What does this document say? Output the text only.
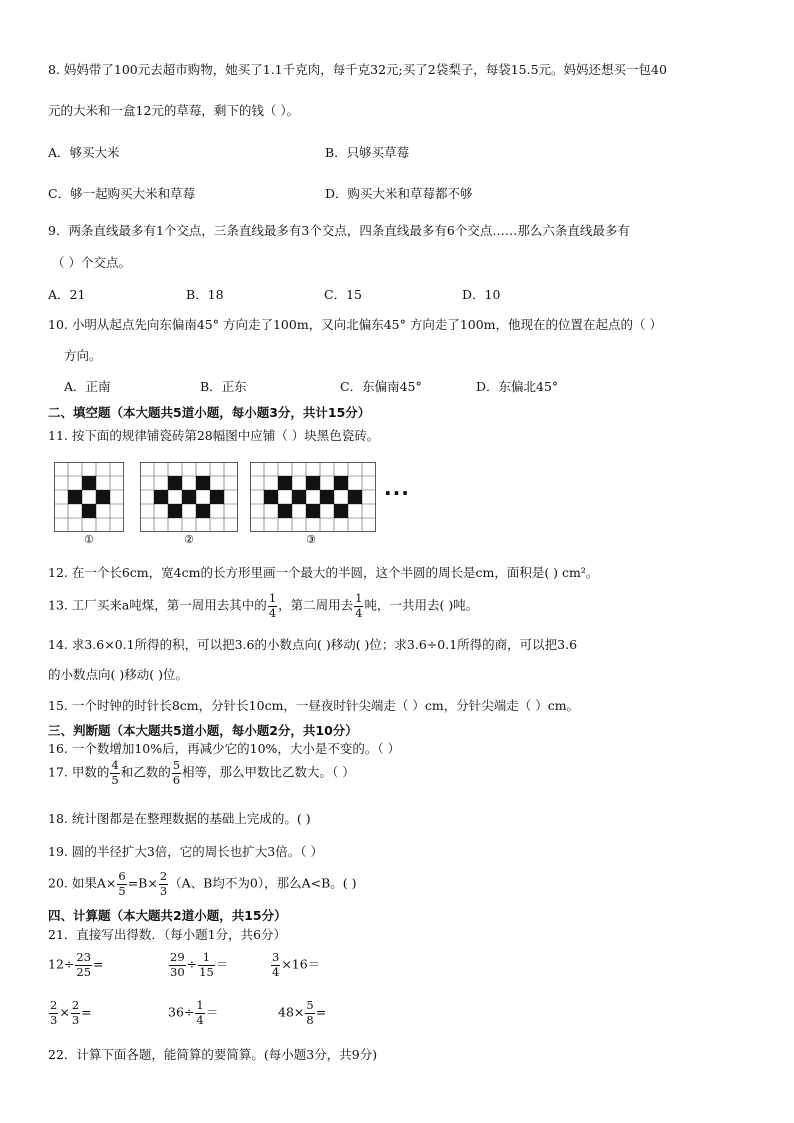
8. 妈妈带了100元去超市购物，她买了1.1千克肉，每千克32元;买了2袋梨子，每袋15.5元。妈妈还想买一包40
元的大米和一盒12元的草莓，剩下的钱（ ）。
A．够买大米	B．只够买草莓
C．够一起购买大米和草莓	D．购买大米和草莓都不够
9．两条直线最多有1个交点，三条直线最多有3个交点，四条直线最多有6个交点……那么六条直线最多有
（ ）个交点。
A．21	B．18	C．15	D．10
10. 小明从起点先向东偏南45° 方向走了100m，又向北偏东45° 方向走了100m，他现在的位置在起点的（ ）
方向。
A．正南	B．正东	C．东偏南45°	D．东偏北45°
二、填空题（本大题共5道小题，每小题3分，共计15分）
11. 按下面的规律铺瓷砖第28幅图中应铺（ ）块黑色瓷砖。
①	②	③
···
12. 在一个长6cm，宽4cm的长方形里画一个最大的半圆，这个半圆的周长是cm，面积是( ) cm²。
13. 工厂买来a吨煤，第一周用去其中的 $\frac{1}{4}$ ，第二周用去 $\frac{1}{4}$ 吨，一共用去( )吨。
14. 求3.6×0.1所得的积，可以把3.6的小数点向( )移动( )位；求3.6÷0.1所得的商，可以把3.6
的小数点向( )移动( )位。
15. 一个时钟的时针长8cm，分针长10cm，一昼夜时针尖端走（ ）cm，分针尖端走（ ）cm。
三、判断题（本大题共5道小题，每小题2分，共10分）
16. 一个数增加10%后，再减少它的10%，大小是不变的。（ ）
17. 甲数的 $\frac{4}{5}$ 和乙数的 $\frac{5}{6}$ 相等，那么甲数比乙数大。（ ）
18. 统计图都是在整理数据的基础上完成的。( )
19. 圆的半径扩大3倍，它的周长也扩大3倍。（ ）
20. 如果$A\times \frac{6}{5} =B\times \frac{2}{3} (A$、B均不为0），那么A<B。( )
四、计算题（本大题共2道小题，共15分）
21．直接写出得数．（每小题1分，共6分）
$12\div \frac{23}{25}$ =	$\frac{29}{30} \div \frac{1}{15}$ ＝	$\frac{3}{4} \times 16=$
$\frac{2}{3} \times \frac{2}{3}$ =	$36\div \frac{1}{4}$ ＝	$48\times \frac{5}{8}$ =
22．计算下面各题，能简算的要简算。(每小题3分，共9分)
